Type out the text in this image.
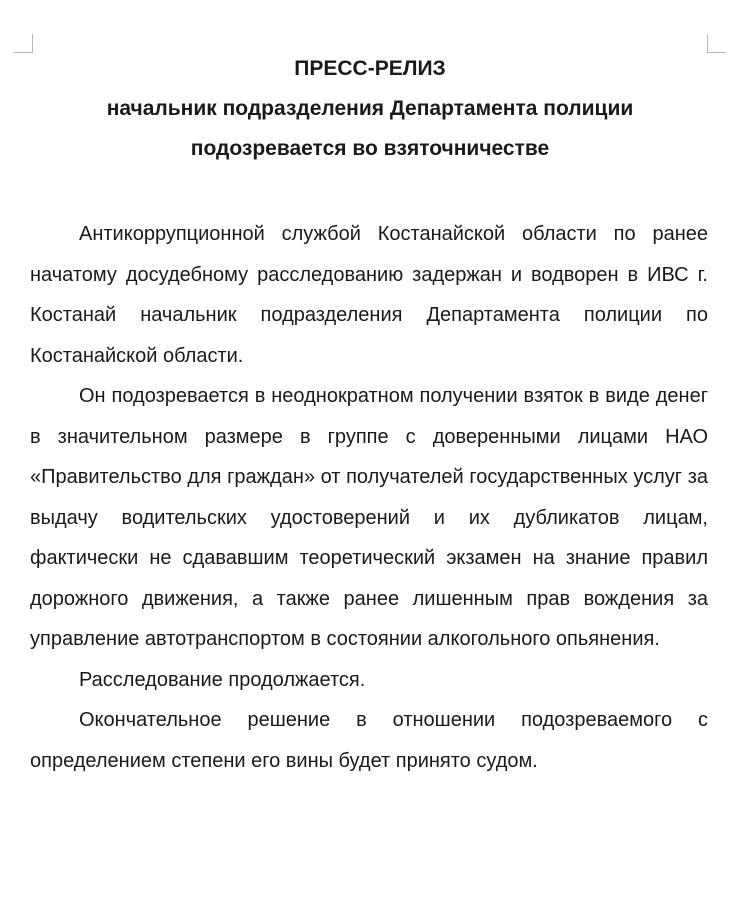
ПРЕСС-РЕЛИЗ
начальник подразделения Департамента полиции
подозревается во взяточничестве

Антикоррупционной службой Костанайской области по ранее начатому досудебному расследованию задержан и водворен в ИВС г. Костанай начальник подразделения Департамента полиции по Костанайской области.

Он подозревается в неоднократном получении взяток в виде денег в значительном размере в группе с доверенными лицами НАО «Правительство для граждан» от получателей государственных услуг за выдачу водительских удостоверений и их дубликатов лицам, фактически не сдававшим теоретический экзамен на знание правил дорожного движения, а также ранее лишенным прав вождения за управление автотранспортом в состоянии алкогольного опьянения.

Расследование продолжается.

Окончательное решение в отношении подозреваемого с определением степени его вины будет принято судом.
